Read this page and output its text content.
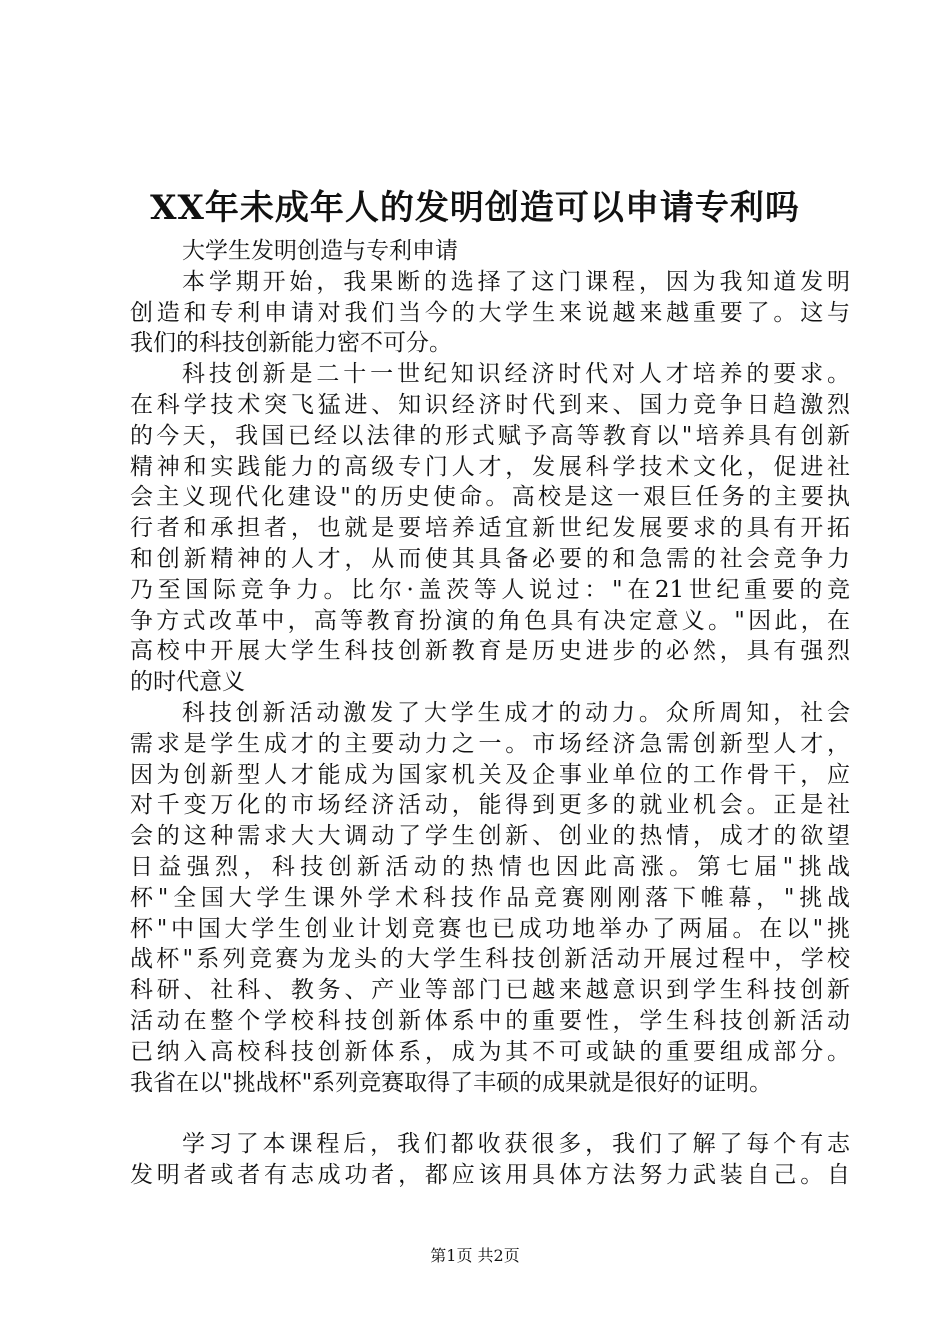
XX年未成年人的发明创造可以申请专利吗
大学生发明创造与专利申请
本学期开始，我果断的选择了这门课程，因为我知道发明
创造和专利申请对我们当今的大学生来说越来越重要了。这与
我们的科技创新能力密不可分。
科技创新是二十一世纪知识经济时代对人才培养的要求。
在科学技术突飞猛进、知识经济时代到来、国力竞争日趋激烈
的今天，我国已经以法律的形式赋予高等教育以"培养具有创新
精神和实践能力的高级专门人才，发展科学技术文化，促进社
会主义现代化建设"的历史使命。高校是这一艰巨任务的主要执
行者和承担者，也就是要培养适宜新世纪发展要求的具有开拓
和创新精神的人才，从而使其具备必要的和急需的社会竞争力
乃至国际竞争力。比尔·盖茨等人说过："在21世纪重要的竞
争方式改革中，高等教育扮演的角色具有决定意义。"因此，在
高校中开展大学生科技创新教育是历史进步的必然，具有强烈
的时代意义
科技创新活动激发了大学生成才的动力。众所周知，社会
需求是学生成才的主要动力之一。市场经济急需创新型人才，
因为创新型人才能成为国家机关及企事业单位的工作骨干，应
对千变万化的市场经济活动，能得到更多的就业机会。正是社
会的这种需求大大调动了学生创新、创业的热情，成才的欲望
日益强烈，科技创新活动的热情也因此高涨。第七届"挑战
杯"全国大学生课外学术科技作品竞赛刚刚落下帷幕，"挑战
杯"中国大学生创业计划竞赛也已成功地举办了两届。在以"挑
战杯"系列竞赛为龙头的大学生科技创新活动开展过程中，学校
科研、社科、教务、产业等部门已越来越意识到学生科技创新
活动在整个学校科技创新体系中的重要性，学生科技创新活动
已纳入高校科技创新体系，成为其不可或缺的重要组成部分。
我省在以"挑战杯"系列竞赛取得了丰硕的成果就是很好的证明。
学习了本课程后，我们都收获很多，我们了解了每个有志
发明者或者有志成功者，都应该用具体方法努力武装自己。自
第1页 共2页
